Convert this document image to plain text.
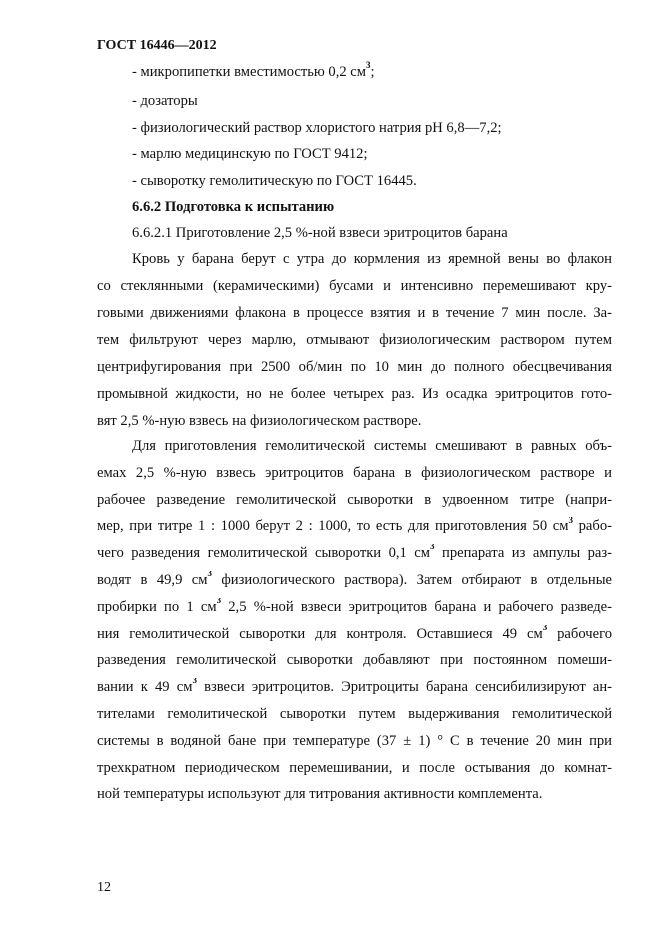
ГОСТ 16446—2012
- микропипетки вместимостью 0,2 $см^3$;
- дозаторы
- физиологический раствор хлористого натрия рН 6,8—7,2;
- марлю медицинскую по ГОСТ 9412;
- сыворотку гемолитическую по ГОСТ 16445.
6.6.2 Подготовка к испытанию
6.6.2.1 Приготовление 2,5 %-ной взвеси эритроцитов барана
Кровь у барана берут с утра до кормления из яремной вены во флакон
со стеклянными (керамическими) бусами и интенсивно перемешивают кру-
говыми движениями флакона в процессе взятия и в течение 7 мин после. За-
тем фильтруют через марлю, отмывают физиологическим раствором путем
центрифугирования при 2500 об/мин по 10 мин до полного обесцвечивания
промывной жидкости, но не более четырех раз. Из осадка эритроцитов гото-
вят 2,5 %-ную взвесь на физиологическом растворе.
Для приготовления гемолитической системы смешивают в равных объ-
емах 2,5 %-ную взвесь эритроцитов барана в физиологическом растворе и
рабочее разведение гемолитической сыворотки в удвоенном титре (напри-
мер, при титре 1 : 1000 берут 2 : 1000, то есть для приготовления 50 $см^3$ рабо-
чего разведения гемолитической сыворотки 0,1 $см^3$ препарата из ампулы раз-
водят в 49,9 $см^3$ физиологического раствора). Затем отбирают в отдельные
пробирки по 1 $см^3$ 2,5 %-ной взвеси эритроцитов барана и рабочего разведе-
ния гемолитической сыворотки для контроля. Оставшиеся 49 $см^3$ рабочего
разведения гемолитической сыворотки добавляют при постоянном помеши-
вании к 49 $см^3$ взвеси эритроцитов. Эритроциты барана сенсибилизируют ан-
тителами гемолитической сыворотки путем выдерживания гемолитической
системы в водяной бане при температуре (37 ± 1) ° С в течение 20 мин при
трехкратном периодическом перемешивании, и после остывания до комнат-
ной температуры используют для титрования активности комплемента.
12
